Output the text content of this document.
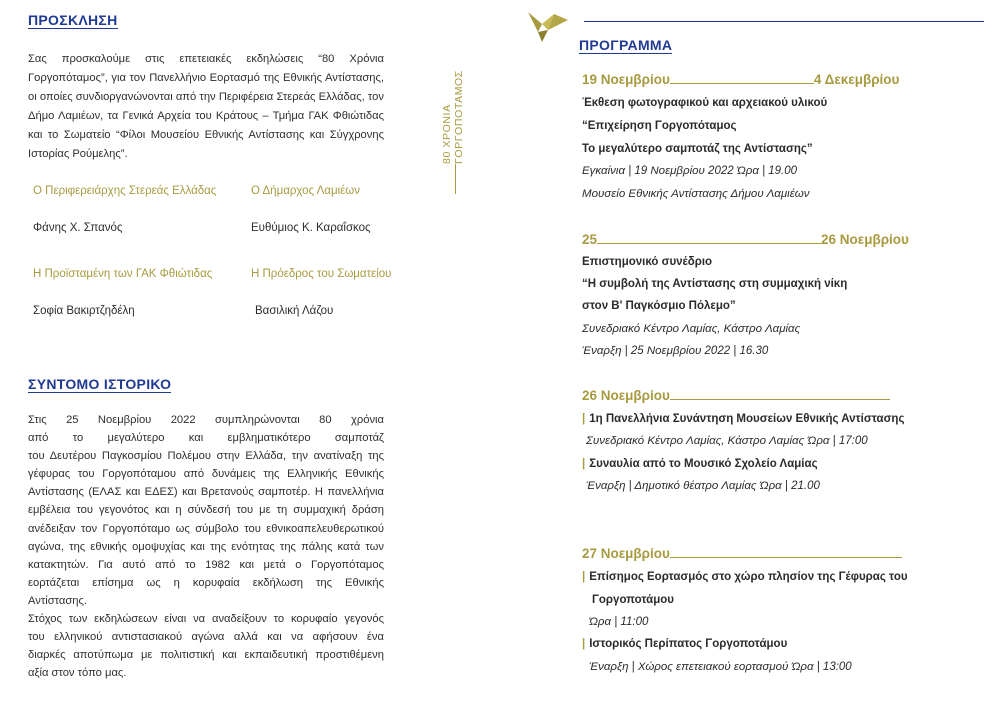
ΠΡΟΣΚΛΗΣΗ
Σας προσκαλούμε στις επετειακές εκδηλώσεις “80 Χρόνια
Γοργοπόταμος”, για τον Πανελλήνιο Εορτασμό της Εθνικής Αντίστασης,
οι οποίες συνδιοργανώνονται από την Περιφέρεια Στερεάς Ελλάδας, τον
Δήμο Λαμιέων, τα Γενικά Αρχεία του Κράτους – Τμήμα ΓΑΚ Φθιώτιδας
και το Σωματείο “Φίλοι Μουσείου Εθνικής Αντίστασης και Σύγχρονης
Ιστορίας Ρούμελης”.
Ο Περιφερειάρχης Στερεάς Ελλάδας
Φάνης Χ. Σπανός
Ο Δήμαρχος Λαμιέων
Ευθύμιος Κ. Καραΐσκος
Η Προϊσταμένη των ΓΑΚ Φθιώτιδας
Σοφία Βακιρτζηδέλη
Η Πρόεδρος του Σωματείου
Βασιλική Λάζου
ΣΥΝΤΟΜΟ ΙΣΤΟΡΙΚΟ
Στις 25 Νοεμβρίου 2022 συμπληρώνονται 80 χρόνια
από το μεγαλύτερο και εμβληματικότερο σαμποτάζ
του Δευτέρου Παγκοσμίου Πολέμου στην Ελλάδα, την ανατίναξη της
γέφυρας του Γοργοπόταμου από δυνάμεις της Ελληνικής Εθνικής
Αντίστασης (ΕΛΑΣ και ΕΔΕΣ) και Βρετανούς σαμποτέρ. Η πανελλήνια
εμβέλεια του γεγονότος και η σύνδεσή του με τη συμμαχική δράση
ανέδειξαν τον Γοργοπόταμο ως σύμβολο του εθνικοαπελευθερωτικού
αγώνα, της εθνικής ομοψυχίας και της ενότητας της πάλης κατά των
κατακτητών. Για αυτό από το 1982 και μετά ο Γοργοπόταμος
εορτάζεται επίσημα ως η κορυφαία εκδήλωση της Εθνικής
Αντίστασης.
Στόχος των εκδηλώσεων είναι να αναδείξουν το κορυφαίο γεγονός
του ελληνικού αντιστασιακού αγώνα αλλά και να αφήσουν ένα
διαρκές αποτύπωμα με πολιτιστική και εκπαιδευτική προστιθέμενη
αξία στον τόπο μας.
80 ΧΡΟΝΙΑ ΓΟΡΓΟΠΟΤΑΜΟΣ
ΠΡΟΓΡΑΜΜΑ
19 Νοεμβρίου	4 Δεκεμβρίου
Έκθεση φωτογραφικού και αρχειακού υλικού
“Επιχείρηση Γοργοπόταμος
Το μεγαλύτερο σαμποτάζ της Αντίστασης”
Εγκαίνια | 19 Νοεμβρίου 2022 Ώρα | 19.00
Μουσείο Εθνικής Αντίστασης Δήμου Λαμιέων
25	26 Νοεμβρίου
Επιστημονικό συνέδριο
“Η συμβολή της Αντίστασης στη συμμαχική νίκη
στον Β' Παγκόσμιο Πόλεμο”
Συνεδριακό Κέντρο Λαμίας, Κάστρο Λαμίας
Έναρξη | 25 Νοεμβρίου 2022 | 16.30
26 Νοεμβρίου
| 1η Πανελλήνια Συνάντηση Μουσείων Εθνικής Αντίστασης
Συνεδριακό Κέντρο Λαμίας, Κάστρο Λαμίας Ώρα | 17:00
| Συναυλία από το Μουσικό Σχολείο Λαμίας
Έναρξη | Δημοτικό θέατρο Λαμίας Ώρα | 21.00
27 Νοεμβρίου
| Επίσημος Εορτασμός στο χώρο πλησίον της Γέφυρας του
Γοργοποτάμου
Ώρα | 11:00
| Ιστορικός Περίπατος Γοργοποτάμου
Έναρξη | Χώρος επετειακού εορτασμού Ώρα | 13:00
